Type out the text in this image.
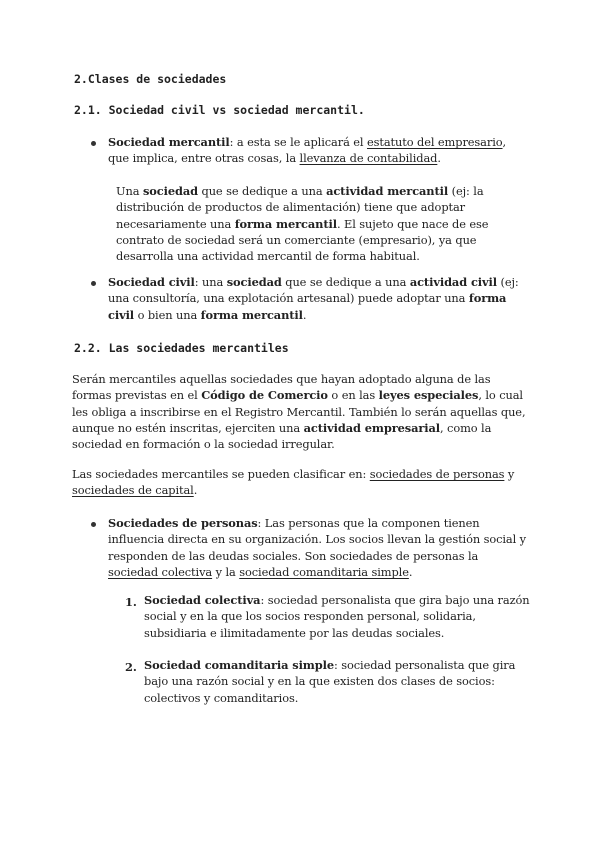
2.Clases de sociedades
2.1. Sociedad civil vs sociedad mercantil.

Sociedad mercantil: a esta se le aplicará el estatuto del empresario, que implica, entre otras cosas, la llevanza de contabilidad.

Una sociedad que se dedique a una actividad mercantil (ej: la distribución de productos de alimentación) tiene que adoptar necesariamente una forma mercantil. El sujeto que nace de ese contrato de sociedad será un comerciante (empresario), ya que desarrolla una actividad mercantil de forma habitual.

Sociedad civil: una sociedad que se dedique a una actividad civil (ej: una consultoría, una explotación artesanal) puede adoptar una forma civil o bien una forma mercantil.

2.2. Las sociedades mercantiles

Serán mercantiles aquellas sociedades que hayan adoptado alguna de las formas previstas en el Código de Comercio o en las leyes especiales, lo cual les obliga a inscribirse en el Registro Mercantil. También lo serán aquellas que, aunque no estén inscritas, ejerciten una actividad empresarial, como la sociedad en formación o la sociedad irregular.

Las sociedades mercantiles se pueden clasificar en: sociedades de personas y sociedades de capital.

Sociedades de personas: Las personas que la componen tienen influencia directa en su organización. Los socios llevan la gestión social y responden de las deudas sociales. Son sociedades de personas la sociedad colectiva y la sociedad comanditaria simple.

1. Sociedad colectiva: sociedad personalista que gira bajo una razón social y en la que los socios responden personal, solidaria, subsidiaria e ilimitadamente por las deudas sociales.

2. Sociedad comanditaria simple: sociedad personalista que gira bajo una razón social y en la que existen dos clases de socios: colectivos y comanditarios.
